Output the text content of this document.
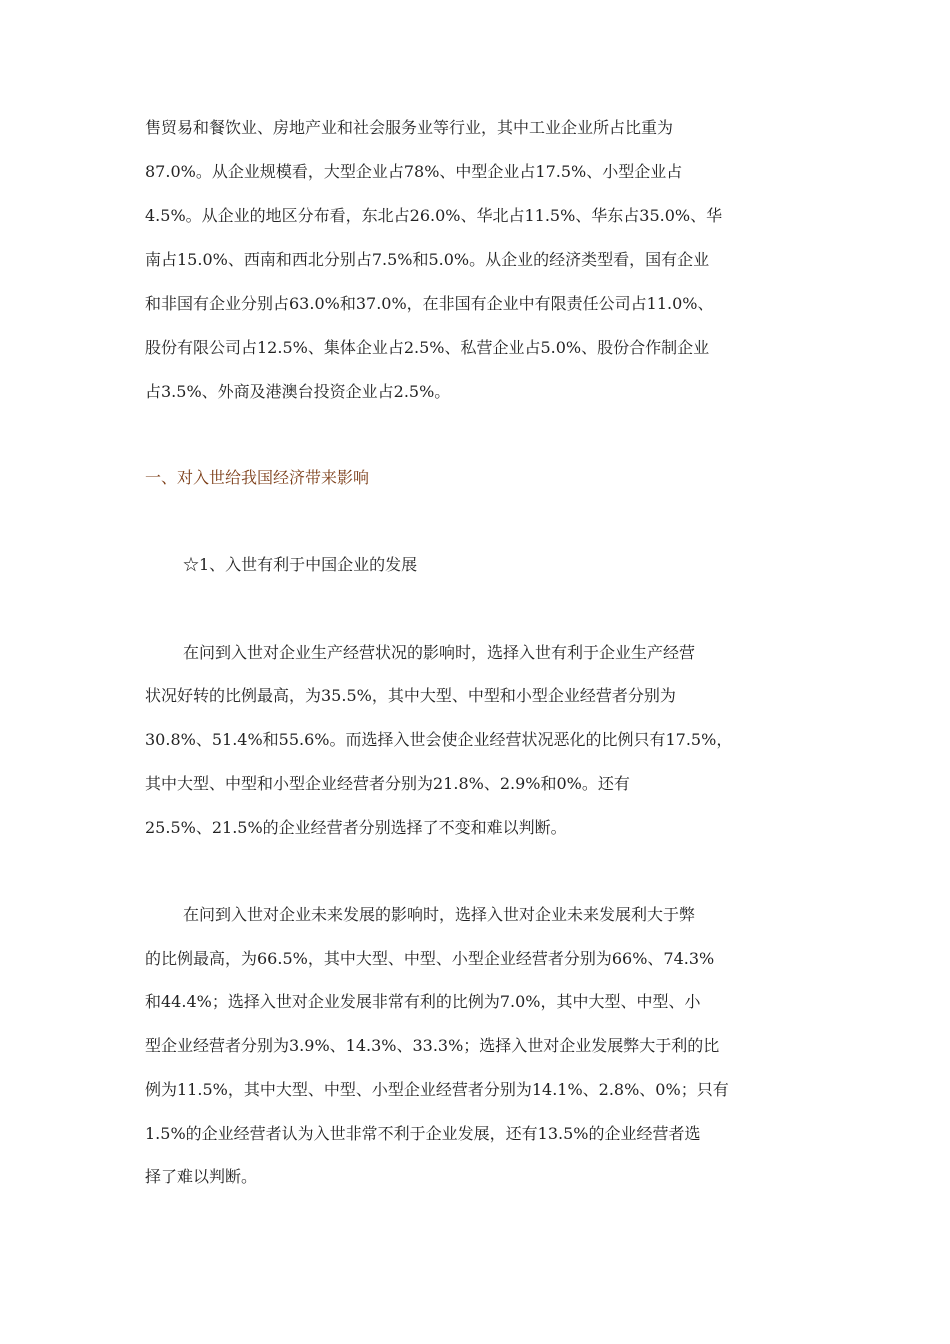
售贸易和餐饮业、房地产业和社会服务业等行业，其中工业企业所占比重为
87.0%。从企业规模看，大型企业占78%、中型企业占17.5%、小型企业占
4.5%。从企业的地区分布看，东北占26.0%、华北占11.5%、华东占35.0%、华
南占15.0%、西南和西北分别占7.5%和5.0%。从企业的经济类型看，国有企业
和非国有企业分别占63.0%和37.0%，在非国有企业中有限责任公司占11.0%、
股份有限公司占12.5%、集体企业占2.5%、私营企业占5.0%、股份合作制企业
占3.5%、外商及港澳台投资企业占2.5%。
一、对入世给我国经济带来影响
☆1、入世有利于中国企业的发展
在问到入世对企业生产经营状况的影响时，选择入世有利于企业生产经营
状况好转的比例最高，为35.5%，其中大型、中型和小型企业经营者分别为
30.8%、51.4%和55.6%。而选择入世会使企业经营状况恶化的比例只有17.5%，
其中大型、中型和小型企业经营者分别为21.8%、2.9%和0%。还有
25.5%、21.5%的企业经营者分别选择了不变和难以判断。
在问到入世对企业未来发展的影响时，选择入世对企业未来发展利大于弊
的比例最高，为66.5%，其中大型、中型、小型企业经营者分别为66%、74.3%
和44.4%；选择入世对企业发展非常有利的比例为7.0%，其中大型、中型、小
型企业经营者分别为3.9%、14.3%、33.3%；选择入世对企业发展弊大于利的比
例为11.5%，其中大型、中型、小型企业经营者分别为14.1%、2.8%、0%；只有
1.5%的企业经营者认为入世非常不利于企业发展，还有13.5%的企业经营者选
择了难以判断。
